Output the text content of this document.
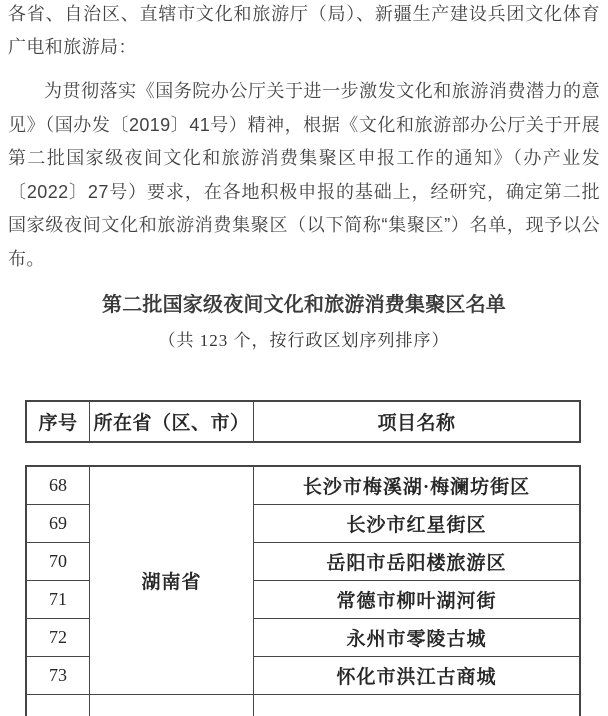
各省、自治区、直辖市文化和旅游厅（局）、新疆生产建设兵团文化体育广电和旅游局：

为贯彻落实《国务院办公厅关于进一步激发文化和旅游消费潜力的意见》（国办发〔2019〕41号）精神，根据《文化和旅游部办公厅关于开展第二批国家级夜间文化和旅游消费集聚区申报工作的通知》（办产业发〔2022〕27号）要求，在各地积极申报的基础上，经研究，确定第二批国家级夜间文化和旅游消费集聚区（以下简称“集聚区”）名单，现予以公布。

第二批国家级夜间文化和旅游消费集聚区名单
（共 123 个，按行政区划序列排序）
序号	所在省（区、市）	项目名称
68	湖南省	长沙市梅溪湖·梅澜坊街区
69		长沙市红星街区
70		岳阳市岳阳楼旅游区
71		常德市柳叶湖河街
72		永州市零陵古城
73		怀化市洪江古商城
